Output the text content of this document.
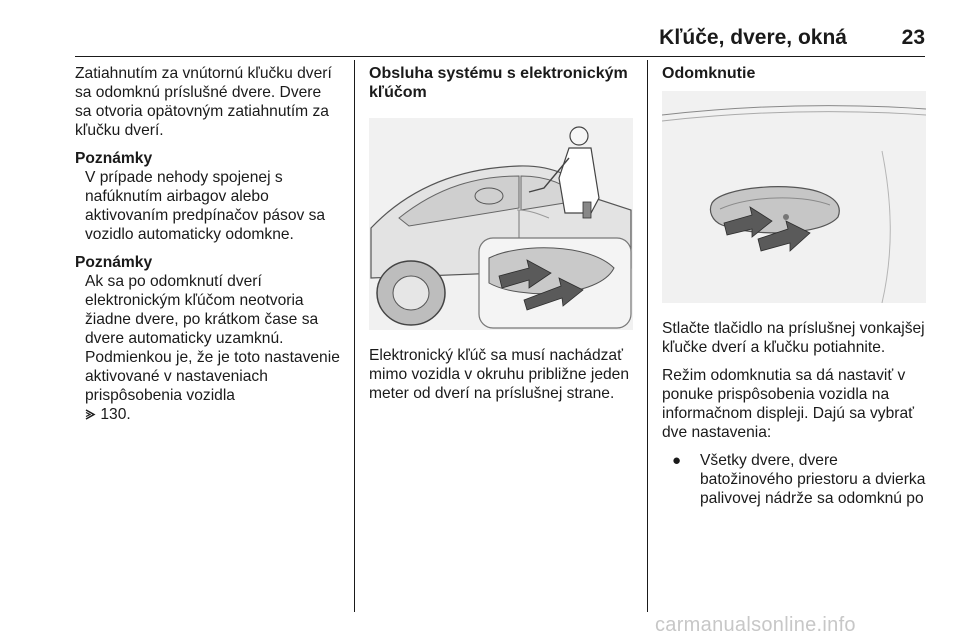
Kľúče, dvere, okná	23

Zatiahnutím za vnútornú kľučku dverí sa odomknú príslušné dvere. Dvere sa otvoria opätovným zatiahnutím za kľučku dverí.

Poznámky

V prípade nehody spojenej s nafúknutím airbagov alebo aktivovaním predpínačov pásov sa vozidlo automaticky odomkne.

Poznámky

Ak sa po odomknutí dverí elektronickým kľúčom neotvoria žiadne dvere, po krátkom čase sa dvere automaticky uzamknú. Podmienkou je, že je toto nastavenie aktivované v nastaveniach prispôsobenia vozidla
130.

Obsluha systému s elektronickým kľúčom

Elektronický kľúč sa musí nachádzať mimo vozidla v okruhu približne jeden meter od dverí na príslušnej strane.

Odomknutie

Stlačte tlačidlo na príslušnej vonkajšej kľučke dverí a kľučku potiahnite.

Režim odomknutia sa dá nastaviť v ponuke prispôsobenia vozidla na informačnom displeji. Dajú sa vybrať dve nastavenia:

●	Všetky dvere, dvere batožinového priestoru a dvierka palivovej nádrže sa odomknú po
carmanualsonline.info
